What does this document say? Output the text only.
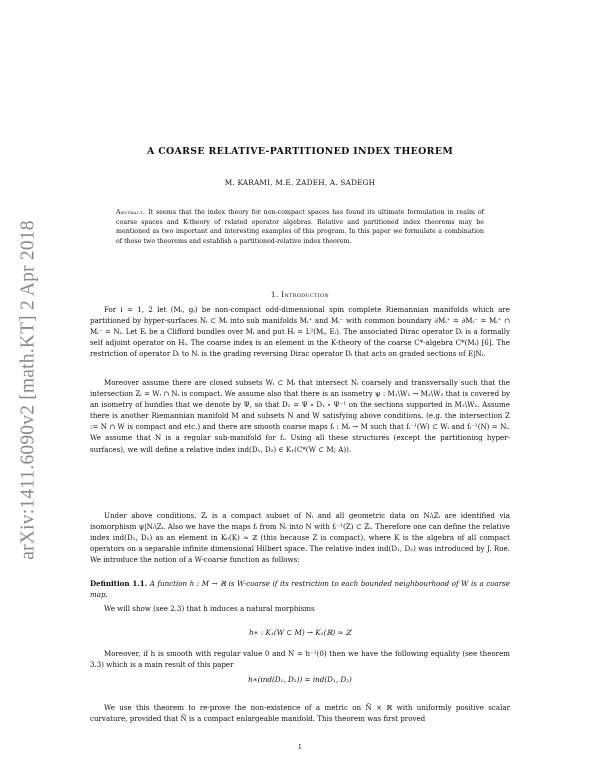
arXiv:1411.6090v2 [math.KT] 2 Apr 2018
A COARSE RELATIVE-PARTITIONED INDEX THEOREM
M. KARAMI, M.E. ZADEH, A. SADEGH
Abstract. It seems that the index theory for non-compact spaces has found its ultimate formulation in realm of coarse spaces and K-theory of related operator algebras. Relative and partitioned index theorems may be mentioned as two important and interesting examples of this program. In this paper we formulate a combination of these two theorems and establish a partitioned-relative index theorem.
1. Introduction

For i = 1, 2 let (Mᵢ, gᵢ) be non-compact odd-dimensional spin complete Riemannian manifolds which are partitioned by hyper-surfaces Nᵢ ⊂ Mᵢ into sub manifolds Mᵢ⁺ and Mᵢ⁻ with common boundary ∂Mᵢ⁺ = ∂Mᵢ⁻ = Mᵢ⁺ ∩ Mᵢ⁻ = Nᵢ. Let Eᵢ be a Clifford bundles over Mᵢ and put Hᵢ = L²(Mᵢ, Eᵢ). The associated Dirac operator Dᵢ is a formally self adjoint operator on Hᵢ. The coarse index is an element in the K-theory of the coarse C*-algebra C*(Mᵢ) [6]. The restriction of operator Dᵢ to Nᵢ is the grading reversing Dirac operator Dᵢ that acts on graded sections of E|Nᵢ.

Moreover assume there are closed subsets Wᵢ ⊂ Mᵢ that intersect Nᵢ coarsely and transversally such that the intersection Zᵢ = Wᵢ ∩ Nᵢ is compact. We assume also that there is an isometry ψ : M₁\W₁ → M₂\W₂ that is covered by an isometry of bundles that we denote by Ψ, so that D₂ = Ψ ∘ D₁ ∘ Ψ⁻¹ on the sections supported in M₂\W₂. Assume there is another Riemannian manifold M and subsets N and W satisfying above conditions, (e.g. the intersection Z := N ∩ W is compact and etc.) and there are smooth coarse maps fᵢ : Mᵢ → M such that fᵢ⁻¹(W) ⊂ Wᵢ and fᵢ⁻¹(N) = Nᵢ. We assume that N is a regular sub-manifold for fᵢ. Using all these structures (except the partitioning hyper-surfaces), we will define a relative index ind(D₁, D₂) ∈ K₁(C*(W ⊂ M; A)).

Under above conditions, Zᵢ is a compact subset of Nᵢ and all geometric data on Nᵢ\Zᵢ are identified via isomorphism ψ|Nᵢ\Zᵢ. Also we have the maps fᵢ from Nᵢ into N with fᵢ⁻¹(Z) ⊂ Zᵢ. Therefore one can define the relative index ind(D₁, D₂) as an element in K₀(K) ≃ ℤ (this because Z is compact), where K is the algebra of all compact operators on a separable infinite dimensional Hilbert space. The relative index ind(D₁, D₂) was introduced by J. Roe. We introduce the notion of a W-coarse function as follows:

Definition 1.1. A function h : M → ℝ is W-coarse if its restriction to each bounded neighbourhood of W is a coarse map.

We will show (see 2.3) that h induces a natural morphisms

h∗ : K₁(W ⊂ M) → K₁(ℝ) ≃ ℤ

Moreover, if h is smooth with regular value 0 and N = h⁻¹(0) then we have the following equality (see theorem 3.3) which is a main result of this paper

h∗(ind(D₁, D₂)) = ind(D₁, D₂)

We use this theorem to re-prove the non-existence of a metric on Ñ × ℝ with uniformly positive scalar curvature, provided that Ñ is a compact enlargeable manifold. This theorem was first proved

1
